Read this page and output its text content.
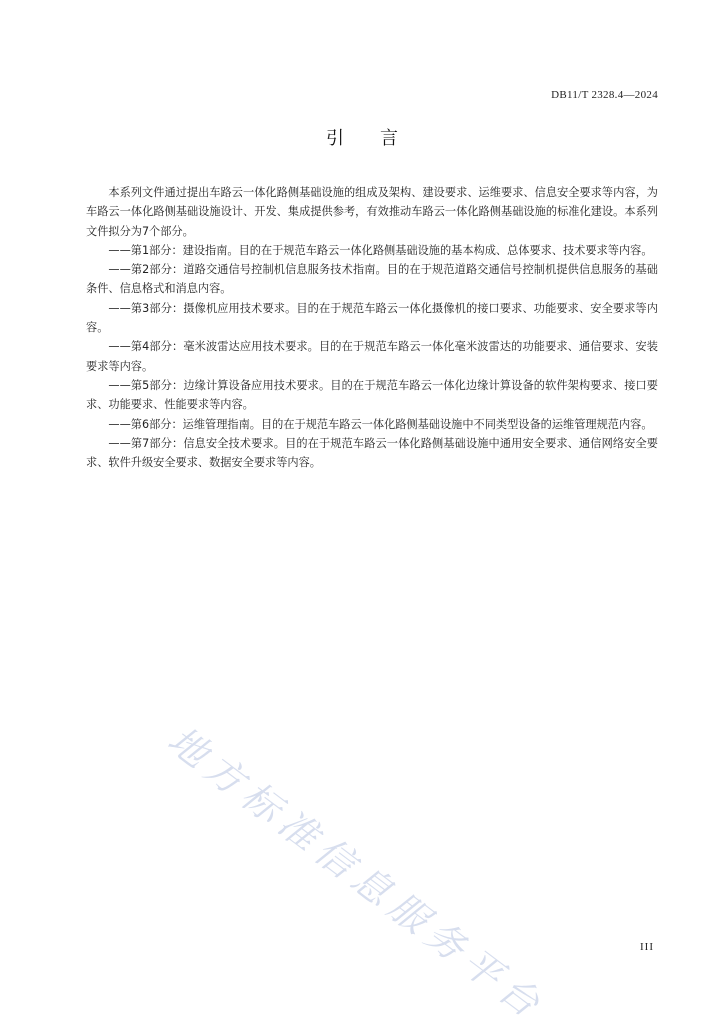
DB11/T 2328.4—2024
引言

本系列文件通过提出车路云一体化路侧基础设施的组成及架构、建设要求、运维要求、信息安全要求等内容，为车路云一体化路侧基础设施设计、开发、集成提供参考，有效推动车路云一体化路侧基础设施的标准化建设。本系列文件拟分为7个部分。

——第1部分：建设指南。目的在于规范车路云一体化路侧基础设施的基本构成、总体要求、技术要求等内容。

——第2部分：道路交通信号控制机信息服务技术指南。目的在于规范道路交通信号控制机提供信息服务的基础条件、信息格式和消息内容。

——第3部分：摄像机应用技术要求。目的在于规范车路云一体化摄像机的接口要求、功能要求、安全要求等内容。

——第4部分：毫米波雷达应用技术要求。目的在于规范车路云一体化毫米波雷达的功能要求、通信要求、安装要求等内容。

——第5部分：边缘计算设备应用技术要求。目的在于规范车路云一体化边缘计算设备的软件架构要求、接口要求、功能要求、性能要求等内容。

——第6部分：运维管理指南。目的在于规范车路云一体化路侧基础设施中不同类型设备的运维管理规范内容。

——第7部分：信息安全技术要求。目的在于规范车路云一体化路侧基础设施中通用安全要求、通信网络安全要求、软件升级安全要求、数据安全要求等内容。

地方标准信息服务平台	III
